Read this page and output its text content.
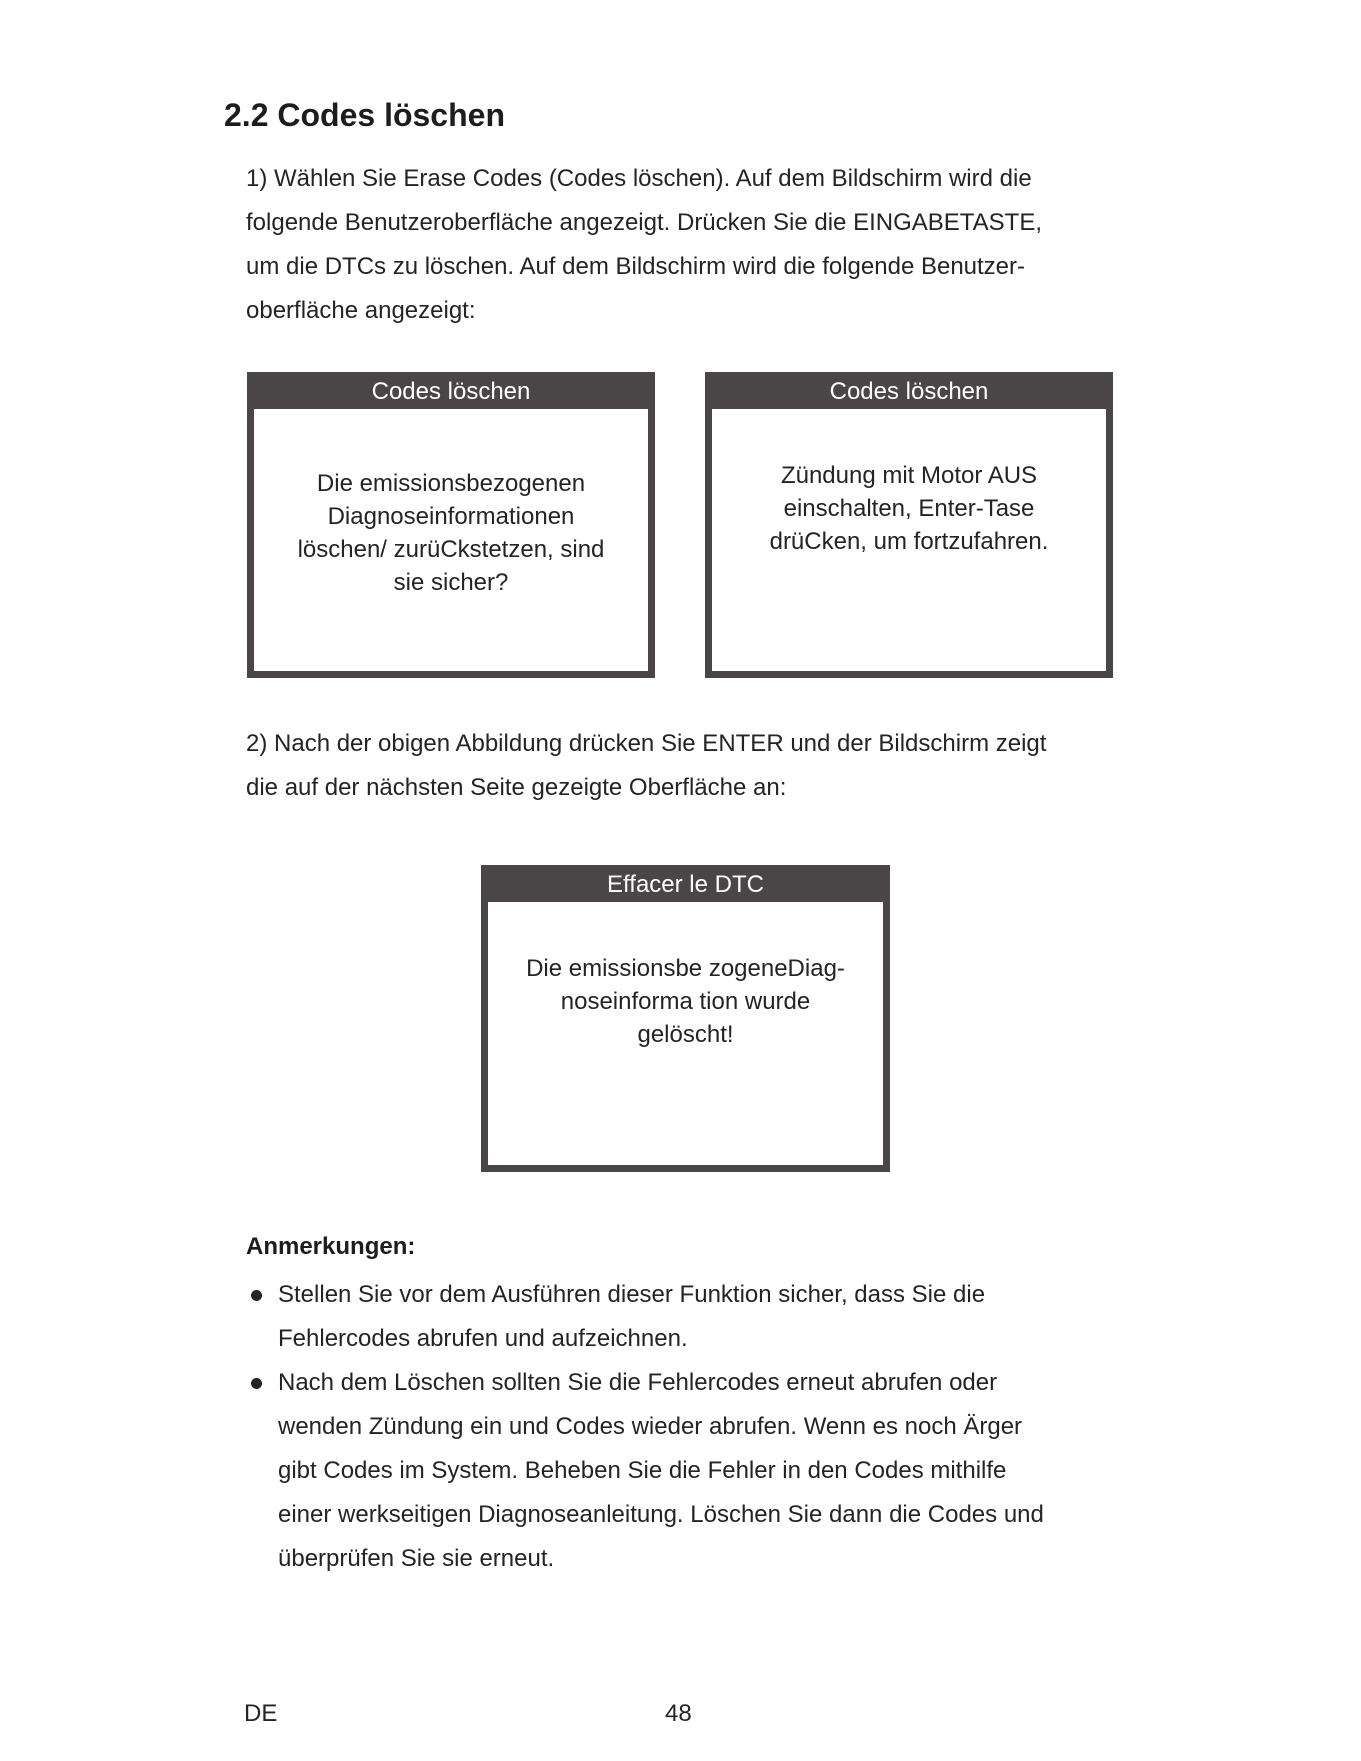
2.2 Codes löschen

1) Wählen Sie Erase Codes (Codes löschen). Auf dem Bildschirm wird die
folgende Benutzeroberfläche angezeigt. Drücken Sie die EINGABETASTE,
um die DTCs zu löschen. Auf dem Bildschirm wird die folgende Benutzer-
oberfläche angezeigt:

Codes löschen
Die emissionsbezogenen
Diagnoseinformationen
löschen/ zurüCkstetzen, sind
sie sicher?
Codes löschen
Zündung mit Motor AUS
einschalten, Enter-Tase
drüCken, um fortzufahren.

2) Nach der obigen Abbildung drücken Sie ENTER und der Bildschirm zeigt
die auf der nächsten Seite gezeigte Oberfläche an:

Effacer le DTC
Die emissionsbe zogeneDiag-
noseinforma tion wurde
gelöscht!
Anmerkungen:
Stellen Sie vor dem Ausführen dieser Funktion sicher, dass Sie die
Fehlercodes abrufen und aufzeichnen.
Nach dem Löschen sollten Sie die Fehlercodes erneut abrufen oder
wenden Zündung ein und Codes wieder abrufen. Wenn es noch Ärger
gibt Codes im System. Beheben Sie die Fehler in den Codes mithilfe
einer werkseitigen Diagnoseanleitung. Löschen Sie dann die Codes und
überprüfen Sie sie erneut.
DE	48
